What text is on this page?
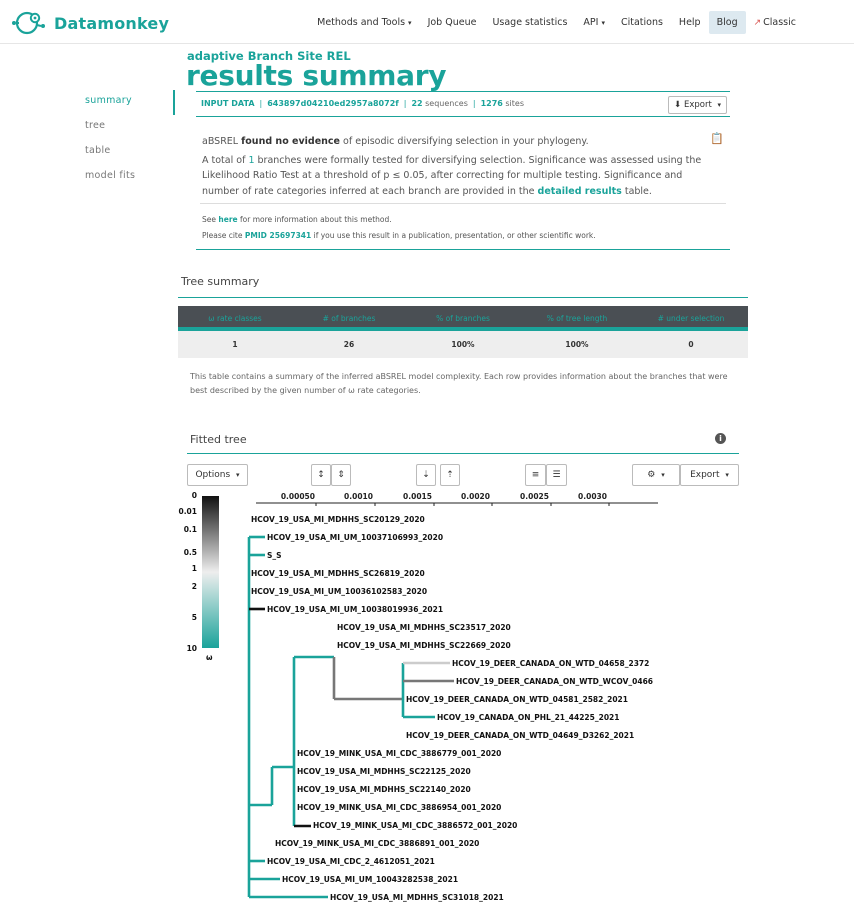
Datamonkey	Methods and Tools ▾	Job Queue	Usage statistics	API ▾	Citations	Help	Blog	↗ Classic
summary
tree
table
model fits
adaptive Branch Site REL
results summary
INPUT DATA | 643897d04210ed2957a8072f | 22 sequences | 1276 sites	⬇ Export ▾
aBSREL found no evidence of episodic diversifying selection in your phylogeny.
A total of 1 branches were formally tested for diversifying selection. Significance was assessed using the Likelihood Ratio Test at a threshold of p ≤ 0.05, after correcting for multiple testing. Significance and number of rate categories inferred at each branch are provided in the detailed results table.
📋
See here for more information about this method.
Please cite PMID 25697341 if you use this result in a publication, presentation, or other scientific work.
Tree summary
ω rate classes	# of branches	% of branches	% of tree length	# under selection
1	26	100%	100%	0
This table contains a summary of the inferred aBSREL model complexity. Each row provides information about the branches that were best described by the given number of ω rate categories.
Fitted tree	i
Options ▾	↕	⇕	⇣	⇡	≡	☰	⚙ ▾	Export ▾
0
0.01
0.1
0.5
1
2
5
10
ω
0.00050	0.0010	0.0015	0.0020	0.0025	0.0030
HCOV_19_USA_MI_MDHHS_SC20129_2020
HCOV_19_USA_MI_UM_10037106993_2020
S_S
HCOV_19_USA_MI_MDHHS_SC26819_2020
HCOV_19_USA_MI_UM_10036102583_2020
HCOV_19_USA_MI_UM_10038019936_2021
HCOV_19_USA_MI_MDHHS_SC23517_2020
HCOV_19_USA_MI_MDHHS_SC22669_2020
HCOV_19_DEER_CANADA_ON_WTD_04658_2372
HCOV_19_DEER_CANADA_ON_WTD_WCOV_0466
HCOV_19_DEER_CANADA_ON_WTD_04581_2582_2021
HCOV_19_CANADA_ON_PHL_21_44225_2021
HCOV_19_DEER_CANADA_ON_WTD_04649_D3262_2021
HCOV_19_MINK_USA_MI_CDC_3886779_001_2020
HCOV_19_USA_MI_MDHHS_SC22125_2020
HCOV_19_USA_MI_MDHHS_SC22140_2020
HCOV_19_MINK_USA_MI_CDC_3886954_001_2020
HCOV_19_MINK_USA_MI_CDC_3886572_001_2020
HCOV_19_MINK_USA_MI_CDC_3886891_001_2020
HCOV_19_USA_MI_CDC_2_4612051_2021
HCOV_19_USA_MI_UM_10043282538_2021
HCOV_19_USA_MI_MDHHS_SC31018_2021
